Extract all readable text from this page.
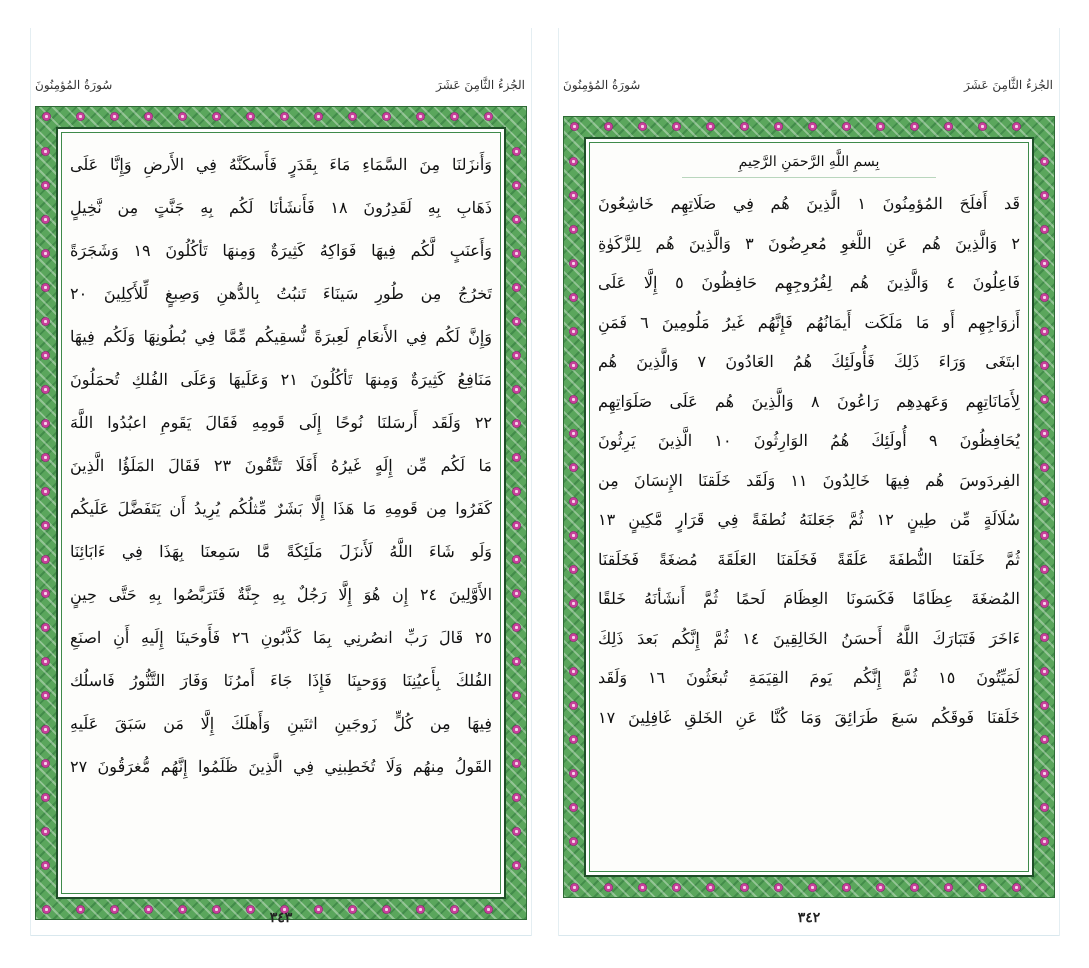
سُورَةُ المُؤمِنُونَ	الجُزءُ الثَّامِنَ عَشَرَ
وَأَنزَلنَا مِنَ السَّمَاءِ مَاءَ بِقَدَرٍ فَأَسكَنَّهُ فِي الأَرضِ وَإِنَّا عَلَى
ذَهَابِ بِهِ لَقَدِرُونَ ١٨ فَأَنشَأنَا لَكُم بِهِ جَنَّتٍ مِن نَّخِيلٍ
وَأَعنَبٍ لَّكُم فِيهَا فَوَاكِهُ كَثِيرَةٌ وَمِنهَا تَأكُلُونَ ١٩ وَشَجَرَةً
تَخرُجُ مِن طُورِ سَينَاءَ تَنبُتُ بِالدُّهنِ وَصِبغٍ لِّلأَكِلِينَ ٢٠
وَإِنَّ لَكُم فِي الأَنعَامِ لَعِبرَةً نُّسقِيكُم مِّمَّا فِي بُطُونِهَا وَلَكُم فِيهَا
مَنَافِعُ كَثِيرَةٌ وَمِنهَا تَأكُلُونَ ٢١ وَعَلَيهَا وَعَلَى الفُلكِ تُحمَلُونَ
٢٢ وَلَقَد أَرسَلنَا نُوحًا إِلَى قَومِهِ فَقَالَ يَقَومِ اعبُدُوا اللَّهَ
مَا لَكُم مِّن إِلَهٍ غَيرُهُ أَفَلَا تَتَّقُونَ ٢٣ فَقَالَ المَلَؤُا الَّذِينَ
كَفَرُوا مِن قَومِهِ مَا هَذَا إِلَّا بَشَرٌ مِّثلُكُم يُرِيدُ أَن يَتَفَضَّلَ عَلَيكُم
وَلَو شَاءَ اللَّهُ لَأَنزَلَ مَلَئِكَةً مَّا سَمِعنَا بِهَذَا فِي ءَابَائِنَا
الأَوَّلِينَ ٢٤ إِن هُوَ إِلَّا رَجُلٌ بِهِ جِنَّةٌ فَتَرَبَّصُوا بِهِ حَتَّى حِينٍ
٢٥ قَالَ رَبِّ انصُرنِي بِمَا كَذَّبُونِ ٢٦ فَأَوحَينَا إِلَيهِ أَنِ اصنَعِ
الفُلكَ بِأَعيُنِنَا وَوَحيِنَا فَإِذَا جَاءَ أَمرُنَا وَفَارَ التَّنُّورُ فَاسلُك
فِيهَا مِن كُلٍّ زَوجَينِ اثنَينِ وَأَهلَكَ إِلَّا مَن سَبَقَ عَلَيهِ
القَولُ مِنهُم وَلَا تُخَطِبنِي فِي الَّذِينَ ظَلَمُوا إِنَّهُم مُّغرَقُونَ ٢٧
٣٤٣
سُورَةُ المُؤمِنُونَ	الجُزءُ الثَّامِنَ عَشَرَ
بِسمِ اللَّهِ الرَّحمَنِ الرَّحِيمِ
قَد أَفلَحَ المُؤمِنُونَ ١ الَّذِينَ هُم فِي صَلَاتِهِم خَاشِعُونَ
٢ وَالَّذِينَ هُم عَنِ اللَّغوِ مُعرِضُونَ ٣ وَالَّذِينَ هُم لِلزَّكَوٰةِ
فَاعِلُونَ ٤ وَالَّذِينَ هُم لِفُرُوجِهِم حَافِظُونَ ٥ إِلَّا عَلَى
أَزوَاجِهِم أَو مَا مَلَكَت أَيمَانُهُم فَإِنَّهُم غَيرُ مَلُومِينَ ٦ فَمَنِ
ابتَغَى وَرَاءَ ذَلِكَ فَأُولَئِكَ هُمُ العَادُونَ ٧ وَالَّذِينَ هُم
لِأَمَانَاتِهِم وَعَهدِهِم رَاعُونَ ٨ وَالَّذِينَ هُم عَلَى صَلَوَاتِهِم
يُحَافِظُونَ ٩ أُولَئِكَ هُمُ الوَارِثُونَ ١٠ الَّذِينَ يَرِثُونَ
الفِردَوسَ هُم فِيهَا خَالِدُونَ ١١ وَلَقَد خَلَقنَا الإِنسَانَ مِن
سُلَالَةٍ مِّن طِينٍ ١٢ ثُمَّ جَعَلنَهُ نُطفَةً فِي قَرَارٍ مَّكِينٍ ١٣
ثُمَّ خَلَقنَا النُّطفَةَ عَلَقَةً فَخَلَقنَا العَلَقَةَ مُضغَةً فَخَلَقنَا
المُضغَةَ عِظَامًا فَكَسَونَا العِظَامَ لَحمًا ثُمَّ أَنشَأنَهُ خَلقًا
ءَاخَرَ فَتَبَارَكَ اللَّهُ أَحسَنُ الخَالِقِينَ ١٤ ثُمَّ إِنَّكُم بَعدَ ذَلِكَ
لَمَيِّتُونَ ١٥ ثُمَّ إِنَّكُم يَومَ القِيَمَةِ تُبعَثُونَ ١٦ وَلَقَد
خَلَقنَا فَوقَكُم سَبعَ طَرَائِقَ وَمَا كُنَّا عَنِ الخَلقِ غَافِلِينَ ١٧
٣٤٢
